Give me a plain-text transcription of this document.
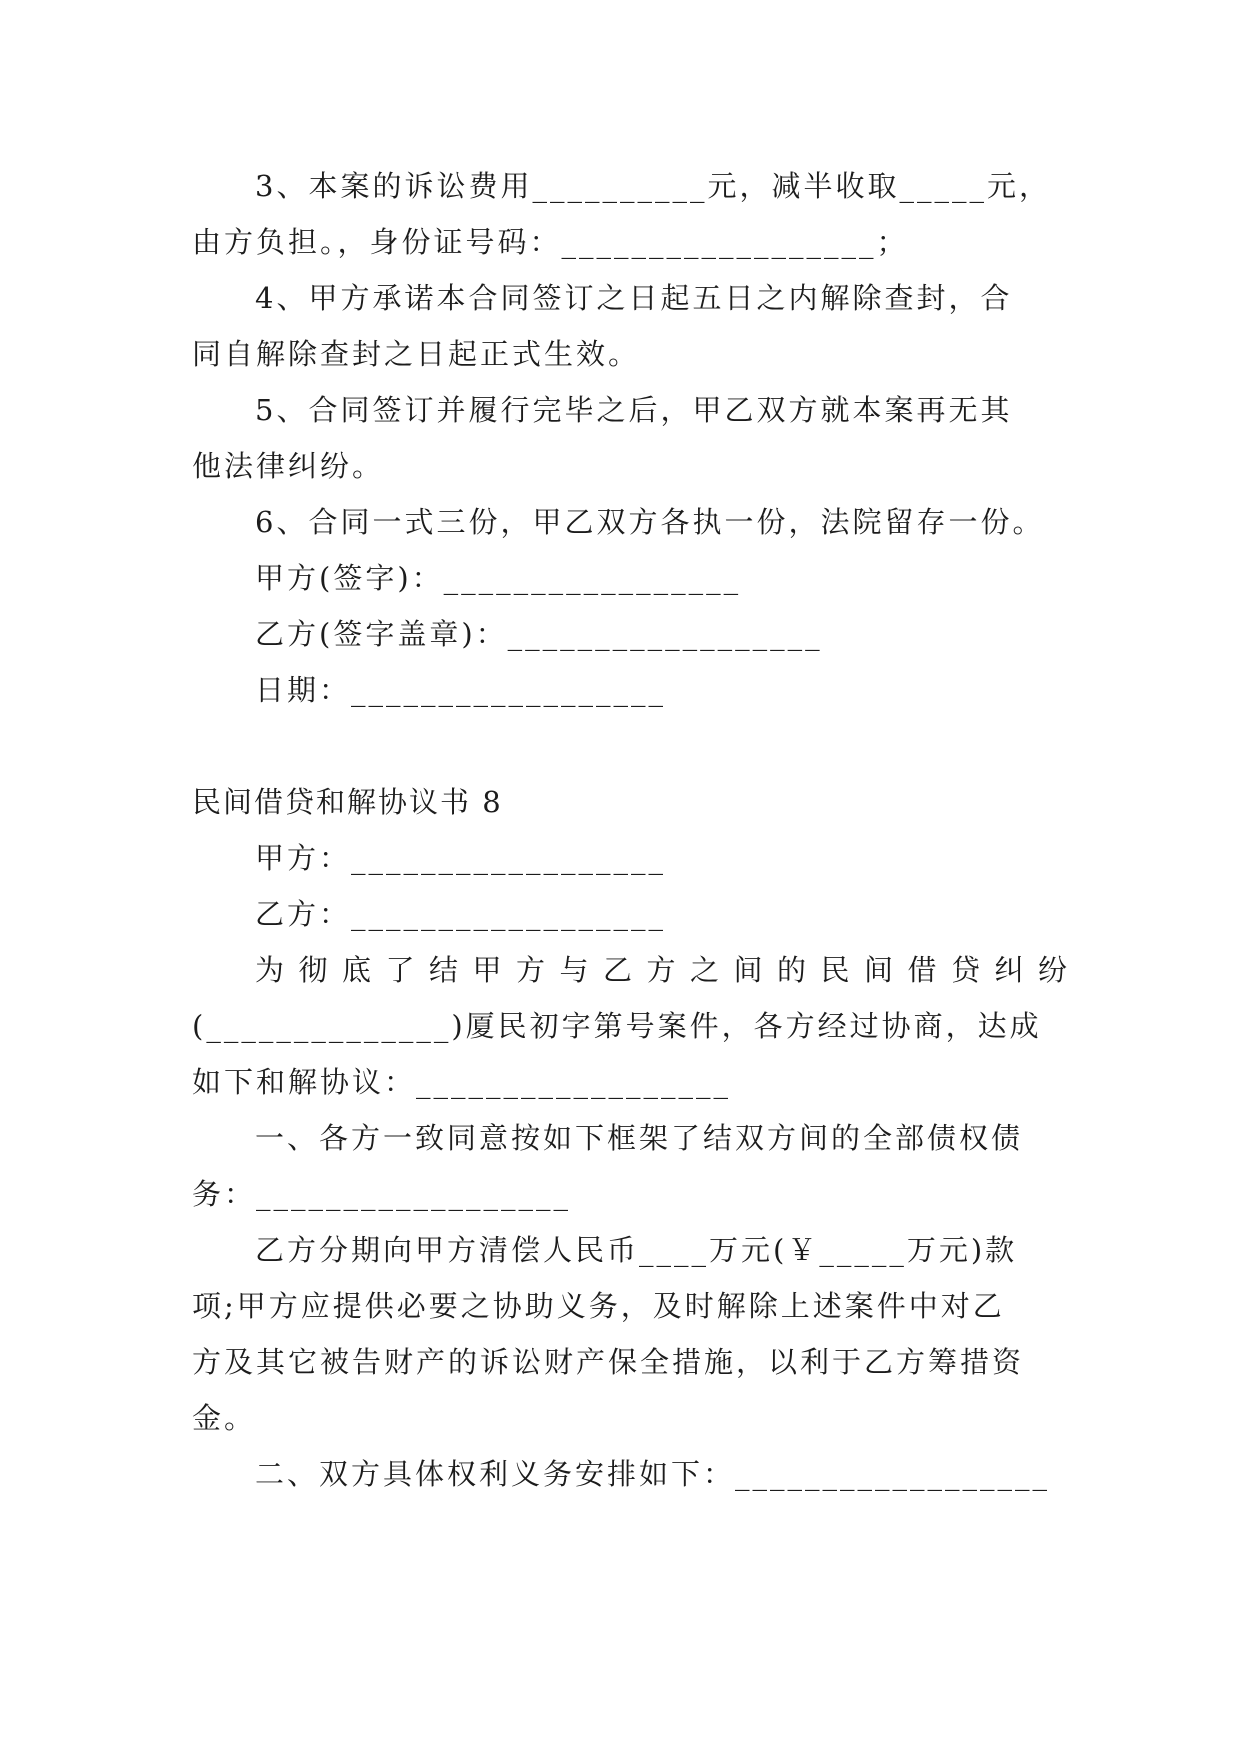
3、本案的诉讼费用__________元，减半收取_____元，
由方负担。，身份证号码：__________________；
4、甲方承诺本合同签订之日起五日之内解除查封，合
同自解除查封之日起正式生效。
5、合同签订并履行完毕之后，甲乙双方就本案再无其
他法律纠纷。
6、合同一式三份，甲乙双方各执一份，法院留存一份。
甲方(签字)：_________________
乙方(签字盖章)：__________________
日期：__________________
民间借贷和解协议书 8
甲方：__________________
乙方：__________________
为彻底了结甲方与乙方之间的民间借贷纠纷
(______________)厦民初字第号案件，各方经过协商，达成
如下和解协议：__________________
一、各方一致同意按如下框架了结双方间的全部债权债
务：__________________
乙方分期向甲方清偿人民币____万元(￥_____万元)款
项;甲方应提供必要之协助义务，及时解除上述案件中对乙
方及其它被告财产的诉讼财产保全措施，以利于乙方筹措资
金。
二、双方具体权利义务安排如下：__________________
